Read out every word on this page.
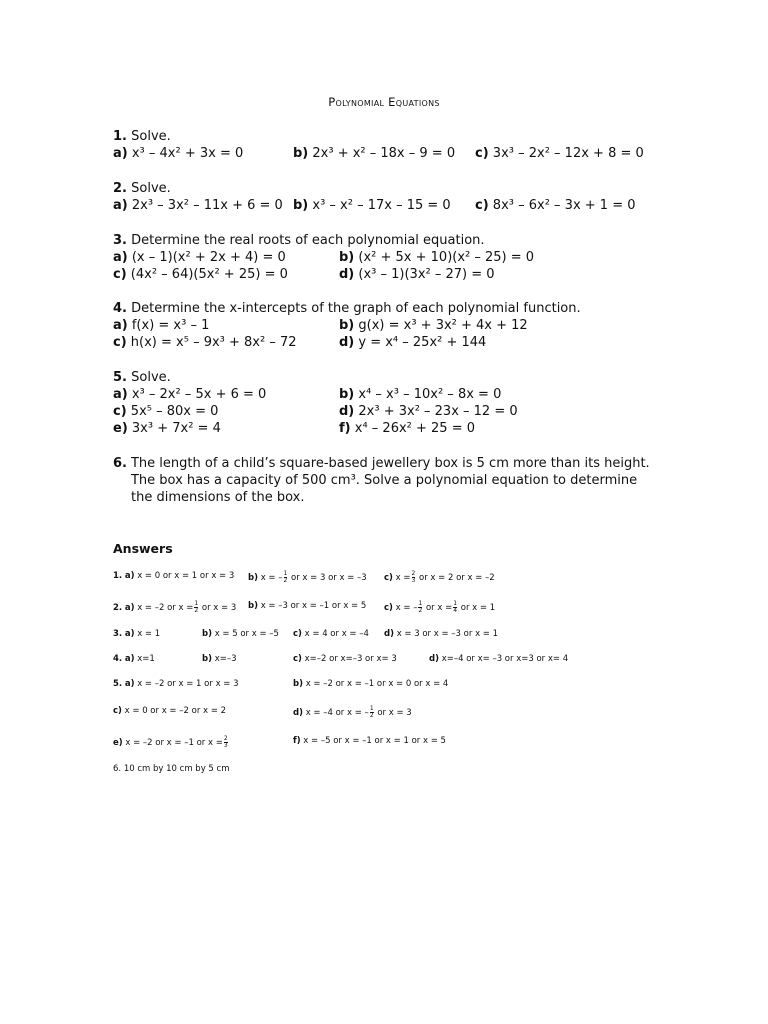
Polynomial Equations
1. Solve.
a) x³ – 4x² + 3x = 0	b) 2x³ + x² – 18x – 9 = 0 c) 3x³ – 2x² – 12x + 8 = 0
2. Solve.
a) 2x³ – 3x² – 11x + 6 = 0 b) x³ – x² – 17x – 15 = 0 c) 8x³ – 6x² – 3x + 1 = 0
3. Determine the real roots of each polynomial equation.
a) (x – 1)(x² + 2x + 4) = 0	b) (x² + 5x + 10)(x² – 25) = 0
c) (4x² – 64)(5x² + 25) = 0	d) (x³ – 1)(3x² – 27) = 0
4. Determine the x-intercepts of the graph of each polynomial function.
a) f(x) = x³ – 1	b) g(x) = x³ + 3x² + 4x + 12
c) h(x) = x⁵ – 9x³ + 8x² – 72	d) y = x⁴ – 25x² + 144
5. Solve.
a) x³ – 2x² – 5x + 6 = 0	b) x⁴ – x³ – 10x² – 8x = 0
c) 5x⁵ – 80x = 0	d) 2x³ + 3x² – 23x – 12 = 0
e) 3x³ + 7x² = 4	f) x⁴ – 26x² + 25 = 0
6. The length of a child’s square-based jewellery box is 5 cm more than its height. The box has a capacity of 500 cm³. Solve a polynomial equation to determine the dimensions of the box.
Answers
1. a) x = 0 or x = 1 or x = 3 b) x = – $\frac{1}{2}$ or x = 3 or x = –3 c) $x = \frac{2}{3}$ or x = 2 or x = –2
2. a) x = –2 or $x = \frac{1}{2}$ or x = 3 b) x = –3 or x = –1 or x = 5 c) x = – $\frac{1}{2}$ or $x = \frac{1}{4}$ or x = 1
3. a) x = 1	b) x = 5 or x = –5 c) x = 4 or x = –4 d) x = 3 or x = –3 or x = 1
4. a) x=1	b) x=–3	c) x=–2 or x=–3 or x= 3	d) x=–4 or x= –3 or x=3 or x= 4
5. a) x = –2 or x = 1 or x = 3	b) x = –2 or x = –1 or x = 0 or x = 4
c) x = 0 or x = –2 or x = 2	d) x = –4 or x = – $\frac{1}{2}$ or x = 3
e) x = –2 or x = –1 or $x = \frac{2}{3}$	f) x = –5 or x = –1 or x = 1 or x = 5
6. 10 cm by 10 cm by 5 cm
